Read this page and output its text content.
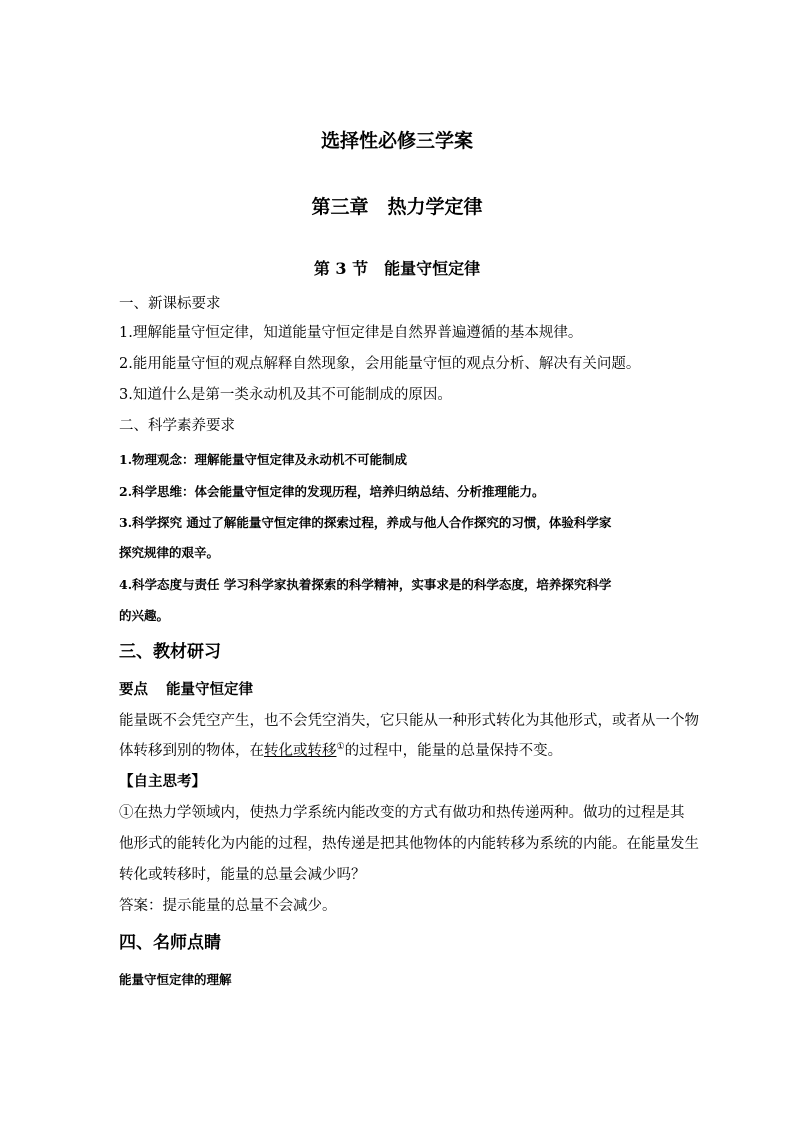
选择性必修三学案
第三章　热力学定律
第 3 节　能量守恒定律
一、新课标要求
1.理解能量守恒定律，知道能量守恒定律是自然界普遍遵循的基本规律。
2.能用能量守恒的观点解释自然现象，会用能量守恒的观点分析、解决有关问题。
3.知道什么是第一类永动机及其不可能制成的原因。
二、科学素养要求
1.物理观念：理解能量守恒定律及永动机不可能制成
2.科学思维：体会能量守恒定律的发现历程，培养归纳总结、分析推理能力。
3.科学探究 通过了解能量守恒定律的探索过程，养成与他人合作探究的习惯，体验科学家
探究规律的艰辛。
4.科学态度与责任 学习科学家执着探索的科学精神，实事求是的科学态度，培养探究科学
的兴趣。
三、教材研习
要点 能量守恒定律
能量既不会凭空产生，也不会凭空消失，它只能从一种形式转化为其他形式，或者从一个物
体转移到别的物体，在转化或转移①的过程中，能量的总量保持不变。
【自主思考】
①在热力学领域内，使热力学系统内能改变的方式有做功和热传递两种。做功的过程是其
他形式的能转化为内能的过程，热传递是把其他物体的内能转移为系统的内能。在能量发生
转化或转移时，能量的总量会减少吗？
答案：提示能量的总量不会减少。
四、名师点睛
能量守恒定律的理解
